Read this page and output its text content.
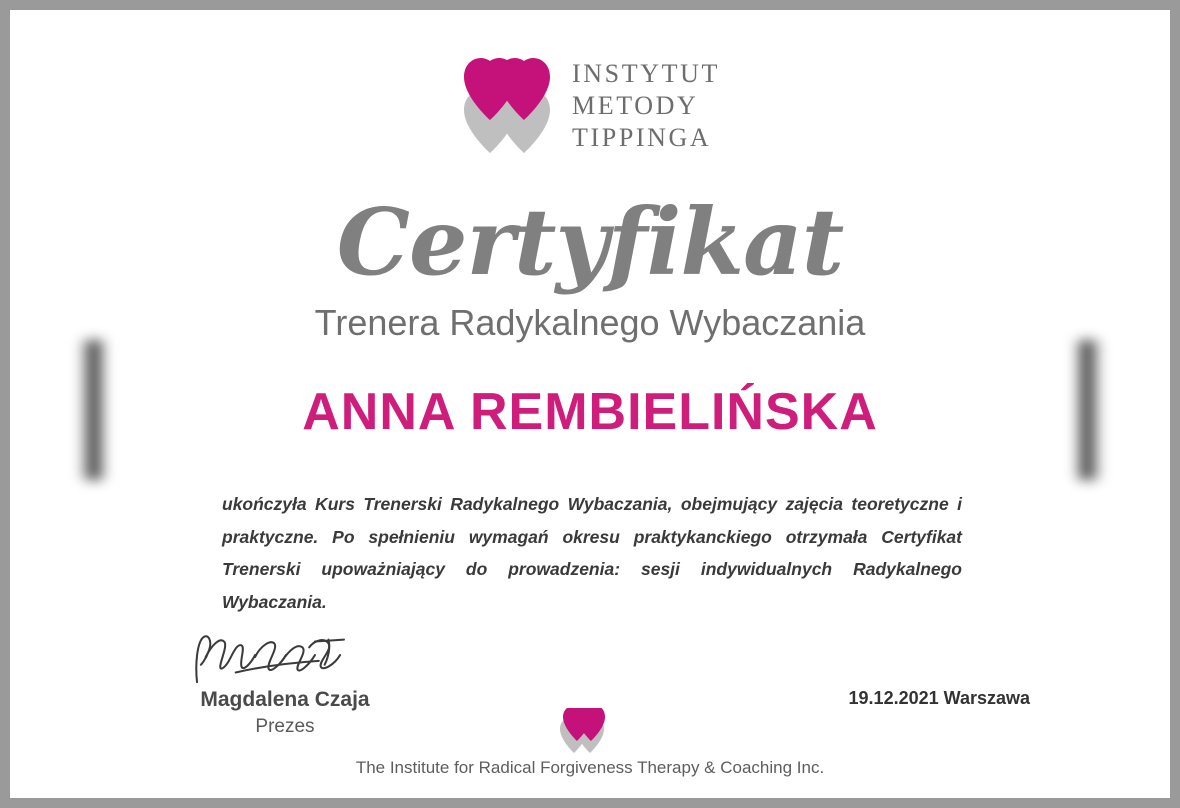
INSTYTUT
METODY
TIPPINGA
Certyfikat
Trenera Radykalnego Wybaczania
ANNA REMBIELIŃSKA
ukończyła Kurs Trenerski Radykalnego Wybaczania, obejmujący zajęcia teoretyczne i praktyczne. Po spełnieniu wymagań okresu praktykanckiego otrzymała Certyfikat Trenerski upoważniający do prowadzenia: sesji indywidualnych Radykalnego Wybaczania.
Magdalena Czaja
Prezes
19.12.2021 Warszawa
The Institute for Radical Forgiveness Therapy & Coaching Inc.
